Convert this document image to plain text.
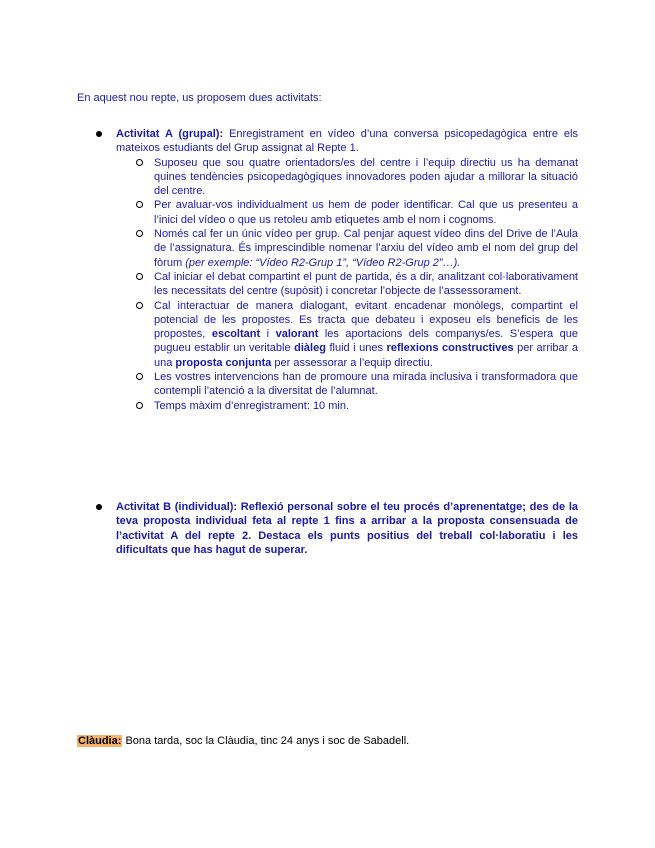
En aquest nou repte, us proposem dues activitats:
Activitat A (grupal): Enregistrament en vídeo d’una conversa psicopedagògica entre els mateixos estudiants del Grup assignat al Repte 1.
Suposeu que sou quatre orientadors/es del centre i l’equip directiu us ha demanat quines tendències psicopedagògiques innovadores poden ajudar a millorar la situació del centre.
Per avaluar-vos individualment us hem de poder identificar. Cal que us presenteu a l’inici del vídeo o que us retoleu amb etiquetes amb el nom i cognoms.
Només cal fer un únic vídeo per grup. Cal penjar aquest vídeo dins del Drive de l’Aula de l’assignatura. És imprescindible nomenar l’arxiu del vídeo amb el nom del grup del fòrum (per exemple: “Vídeo R2-Grup 1”, “Vídeo R2-Grup 2”…).
Cal iniciar el debat compartint el punt de partida, és a dir, analitzant col·laborativament les necessitats del centre (supòsit) i concretar l’objecte de l’assessorament.
Cal interactuar de manera dialogant, evitant encadenar monòlegs, compartint el potencial de les propostes. Es tracta que debateu i exposeu els beneficis de les propostes, escoltant i valorant les aportacions dels companys/es. S’espera que pugueu establir un veritable diàleg fluid i unes reflexions constructives per arribar a una proposta conjunta per assessorar a l’equip directiu.
Les vostres intervencions han de promoure una mirada inclusiva i transformadora que contempli l’atenció a la diversitat de l’alumnat.
Temps màxim d’enregistrament: 10 min.
Activitat B (individual): Reflexió personal sobre el teu procés d’aprenentatge; des de la teva proposta individual feta al repte 1 fins a arribar a la proposta consensuada de l’activitat A del repte 2. Destaca els punts positius del treball col·laboratiu i les dificultats que has hagut de superar.
Clàudia: Bona tarda, soc la Clàudia, tinc 24 anys i soc de Sabadell.
